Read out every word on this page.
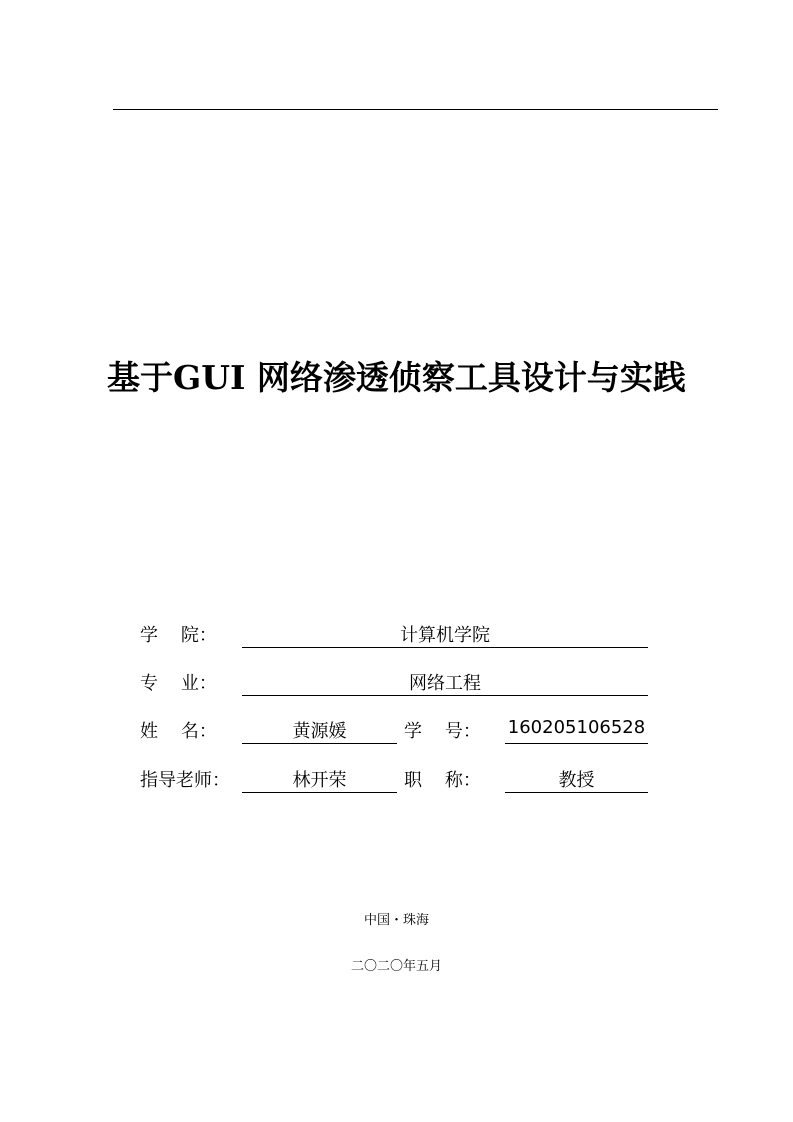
基于GUI 网络渗透侦察工具设计与实践
学    院：	计算机学院
专    业：	网络工程
姓    名：	黄源媛	学    号： 160205106528
指导老师：	林开荣	职    称：	教授
中国・珠海
二〇二〇年五月
